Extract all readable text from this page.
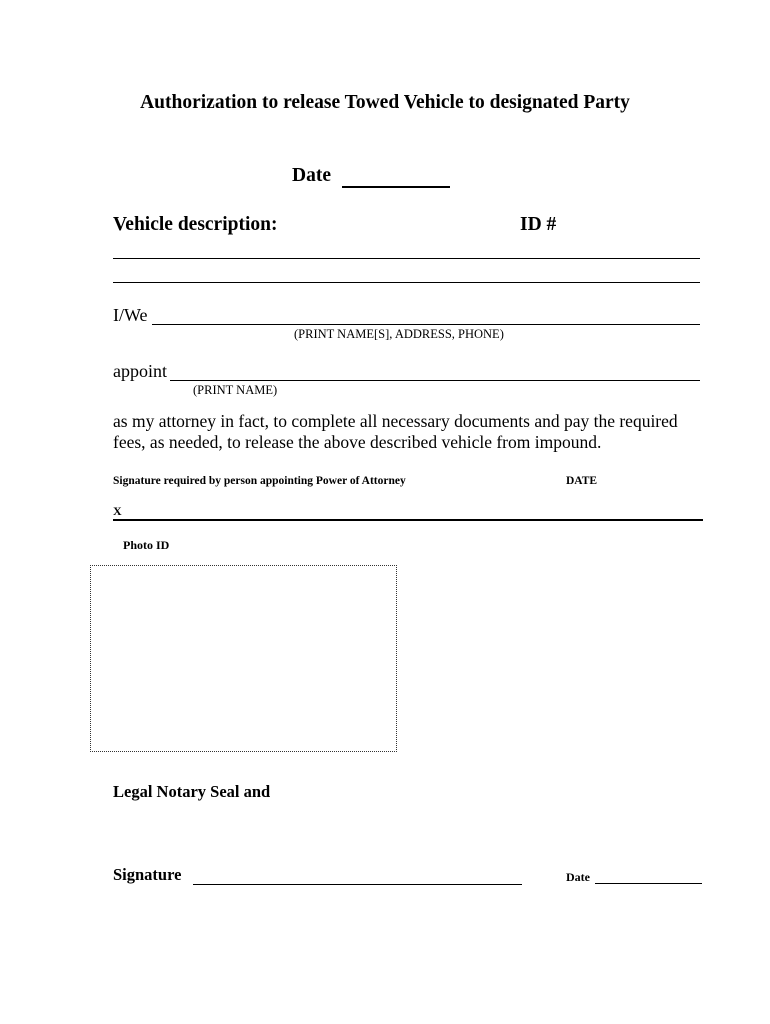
Authorization to release Towed Vehicle to designated Party
Date
Vehicle description:	ID #
I/We
(PRINT NAME[S], ADDRESS, PHONE)
appoint
(PRINT NAME)
as my attorney in fact, to complete all necessary documents and pay the required fees, as needed, to release the above described vehicle from impound.
Signature required by person appointing Power of Attorney	DATE
X
Photo ID
Legal Notary Seal and
Signature	Date
